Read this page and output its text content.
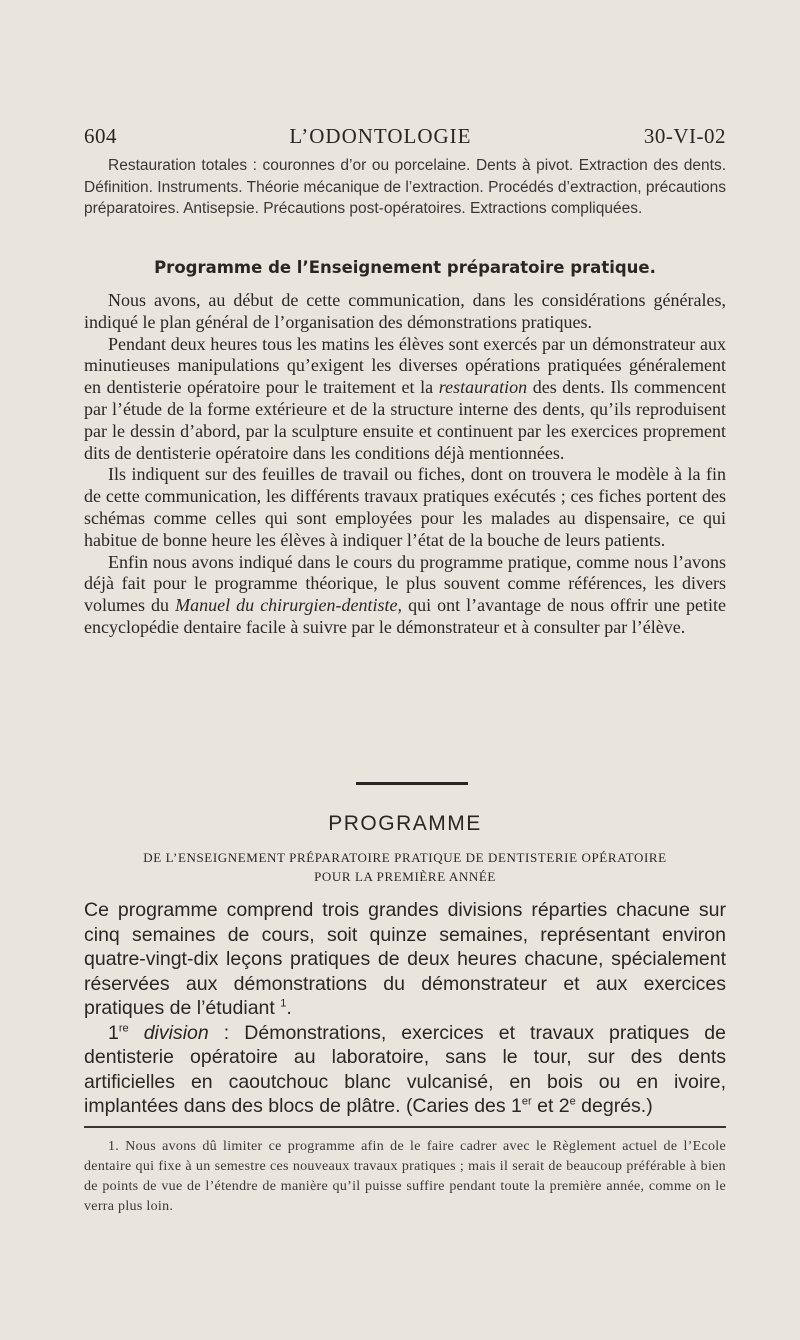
604	L’ODONTOLOGIE	30-VI-02

Restauration totales : couronnes d’or ou porcelaine. Dents à pivot. Extraction des dents. Définition. Instruments. Théorie mécanique de l’extraction. Procédés d’extraction, précautions préparatoires. Antisepsie. Précautions post-opératoires. Extractions compliquées.

Programme de l’Enseignement préparatoire pratique.

Nous avons, au début de cette communication, dans les considérations générales, indiqué le plan général de l’organisation des démonstrations pratiques.

Pendant deux heures tous les matins les élèves sont exercés par un démonstrateur aux minutieuses manipulations qu’exigent les diverses opérations pratiquées généralement en dentisterie opératoire pour le traitement et la restauration des dents. Ils commencent par l’étude de la forme extérieure et de la structure interne des dents, qu’ils reproduisent par le dessin d’abord, par la sculpture ensuite et continuent par les exercices proprement dits de dentisterie opératoire dans les conditions déjà mentionnées.

Ils indiquent sur des feuilles de travail ou fiches, dont on trouvera le modèle à la fin de cette communication, les différents travaux pratiques exécutés ; ces fiches portent des schémas comme celles qui sont employées pour les malades au dispensaire, ce qui habitue de bonne heure les élèves à indiquer l’état de la bouche de leurs patients.

Enfin nous avons indiqué dans le cours du programme pratique, comme nous l’avons déjà fait pour le programme théorique, le plus souvent comme références, les divers volumes du Manuel du chirurgien-dentiste, qui ont l’avantage de nous offrir une petite encyclopédie dentaire facile à suivre par le démonstrateur et à consulter par l’élève.

PROGRAMME
DE L’ENSEIGNEMENT PRÉPARATOIRE PRATIQUE DE DENTISTERIE OPÉRATOIRE
POUR LA PREMIÈRE ANNÉE

Ce programme comprend trois grandes divisions réparties chacune sur cinq semaines de cours, soit quinze semaines, représentant environ quatre-vingt-dix leçons pratiques de deux heures chacune, spécialement réservées aux démonstrations du démonstrateur et aux exercices pratiques de l’étudiant $^1$.

1re division : Démonstrations, exercices et travaux pratiques de dentisterie opératoire au laboratoire, sans le tour, sur des dents artificielles en caoutchouc blanc vulcanisé, en bois ou en ivoire, implantées dans des blocs de plâtre. (Caries des 1er et 2e degrés.)

1. Nous avons dû limiter ce programme afin de le faire cadrer avec le Règlement actuel de l’Ecole dentaire qui fixe à un semestre ces nouveaux travaux pratiques ; mais il serait de beaucoup préférable à bien de points de vue de l’étendre de manière qu’il puisse suffire pendant toute la première année, comme on le verra plus loin.
